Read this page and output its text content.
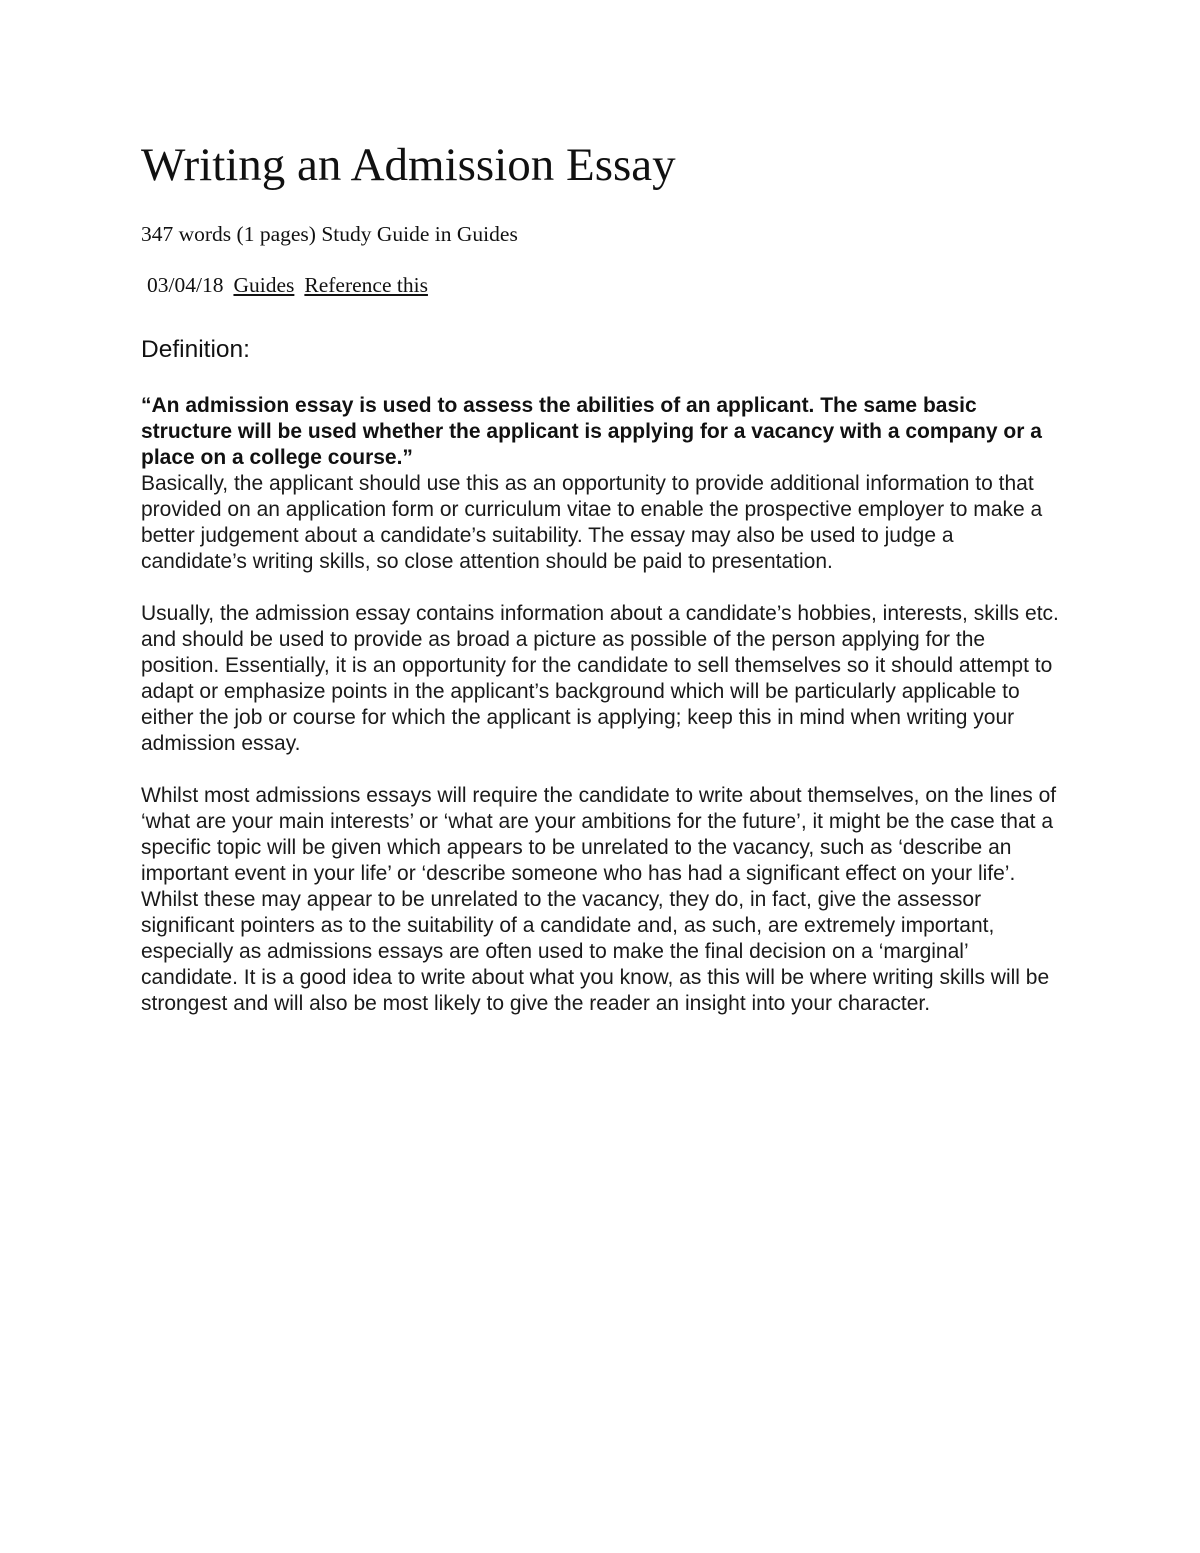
Writing an Admission Essay

347 words (1 pages) Study Guide in Guides

03/04/18 Guides Reference this

Definition:

“An admission essay is used to assess the abilities of an applicant. The same basic structure will be used whether the applicant is applying for a vacancy with a company or a place on a college course.”

Basically, the applicant should use this as an opportunity to provide additional information to that provided on an application form or curriculum vitae to enable the prospective employer to make a better judgement about a candidate’s suitability. The essay may also be used to judge a candidate’s writing skills, so close attention should be paid to presentation.

Usually, the admission essay contains information about a candidate’s hobbies, interests, skills etc. and should be used to provide as broad a picture as possible of the person applying for the position. Essentially, it is an opportunity for the candidate to sell themselves so it should attempt to adapt or emphasize points in the applicant’s background which will be particularly applicable to either the job or course for which the applicant is applying; keep this in mind when writing your admission essay.

Whilst most admissions essays will require the candidate to write about themselves, on the lines of ‘what are your main interests’ or ‘what are your ambitions for the future’, it might be the case that a specific topic will be given which appears to be unrelated to the vacancy, such as ‘describe an important event in your life’ or ‘describe someone who has had a significant effect on your life’. Whilst these may appear to be unrelated to the vacancy, they do, in fact, give the assessor significant pointers as to the suitability of a candidate and, as such, are extremely important, especially as admissions essays are often used to make the final decision on a ‘marginal’ candidate. It is a good idea to write about what you know, as this will be where writing skills will be strongest and will also be most likely to give the reader an insight into your character.
